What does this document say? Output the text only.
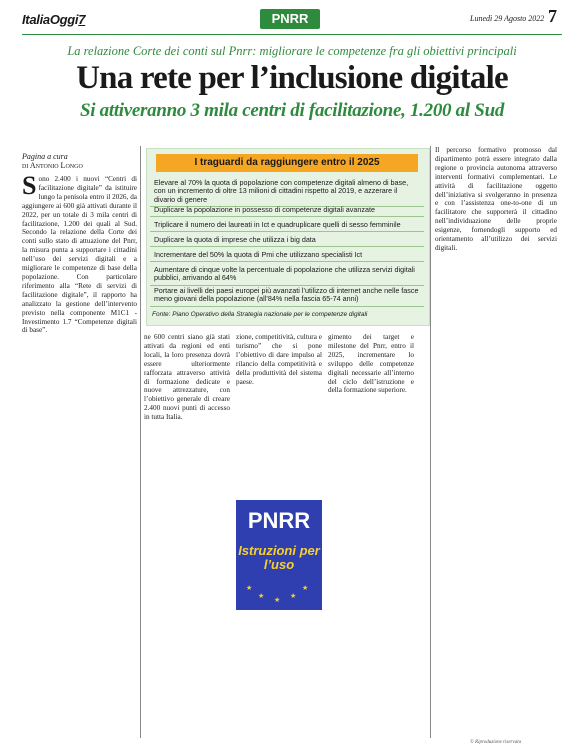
ItaliaOggi7	PNRR	Lunedì 29 Agosto 2022 7
La relazione Corte dei conti sul Pnrr: migliorare le competenze fra gli obiettivi principali
Una rete per l’inclusione digitale
Si attiveranno 3 mila centri di facilitazione, 1.200 al Sud
Pagina a cura
di Antonio Longo
Sono 2.400 i nuovi “Centri di facilitazione digitale” da istituire lungo la penisola entro il 2026, da aggiungere ai 600 già attivati durante il 2022, per un totale di 3 mila centri di facilitazione, 1.200 dei quali al Sud. Secondo la relazione della Corte dei conti sullo stato di attuazione del Pnrr, la misura punta a supportare i cittadini nell’uso dei servizi digitali e a migliorare le competenze di base della popolazione. Con particolare riferimento alla “Rete di servizi di facilitazione digitale”, il rapporto ha analizzato la gestione dell’intervento previsto nella componente M1C1 - Investimento 1.7 “Competenze digitali di base”.
I traguardi da raggiungere entro il 2025
Elevare al 70% la quota di popolazione con competenze digitali almeno di base, con un incremento di oltre 13 milioni di cittadini rispetto al 2019, e azzerare il divario di genere
Duplicare la popolazione in possesso di competenze digitali avanzate
Triplicare il numero dei laureati in Ict e quadruplicare quelli di sesso femminile
Duplicare la quota di imprese che utilizza i big data
Incrementare del 50% la quota di Pmi che utilizzano specialisti Ict
Aumentare di cinque volte la percentuale di popolazione che utilizza servizi digitali pubblici, arrivando al 64%
Portare ai livelli dei paesi europei più avanzati l’utilizzo di internet anche nelle fasce meno giovani della popolazione (all’84% nella fascia 65-74 anni)
Fonte: Piano Operativo della Strategia nazionale per le competenze digitali
ne 600 centri siano già stati attivati da regioni ed enti locali, la loro presenza dovrà essere ulteriormente rafforzata attraverso attività di formazione dedicate e nuove attrezzature, con l’obiettivo generale di creare 2.400 nuovi punti di accesso in tutta Italia.
zione, competitività, cultura e turismo” che si pone l’obiettivo di dare impulso al rilancio della competitività e della produttività del sistema paese.
gimento dei target e milestone del Pnrr, entro il 2025, incrementare lo sviluppo delle competenze digitali necessarie all’interno del ciclo dell’istruzione e della formazione superiore.
PNRR
Istruzioni per l’uso
★
★ ★ ★
★
Il percorso formativo promosso dal dipartimento potrà essere integrato dalla regione o provincia autonoma attraverso interventi formativi complementari. Le attività di facilitazione oggetto dell’iniziativa si svolgeranno in presenza e con l’assistenza one-to-one di un facilitatore che supporterà il cittadino nell’individuazione delle proprie esigenze, fornendogli supporto ed orientamento all’utilizzo dei servizi digitali.
© Riproduzione riservata
